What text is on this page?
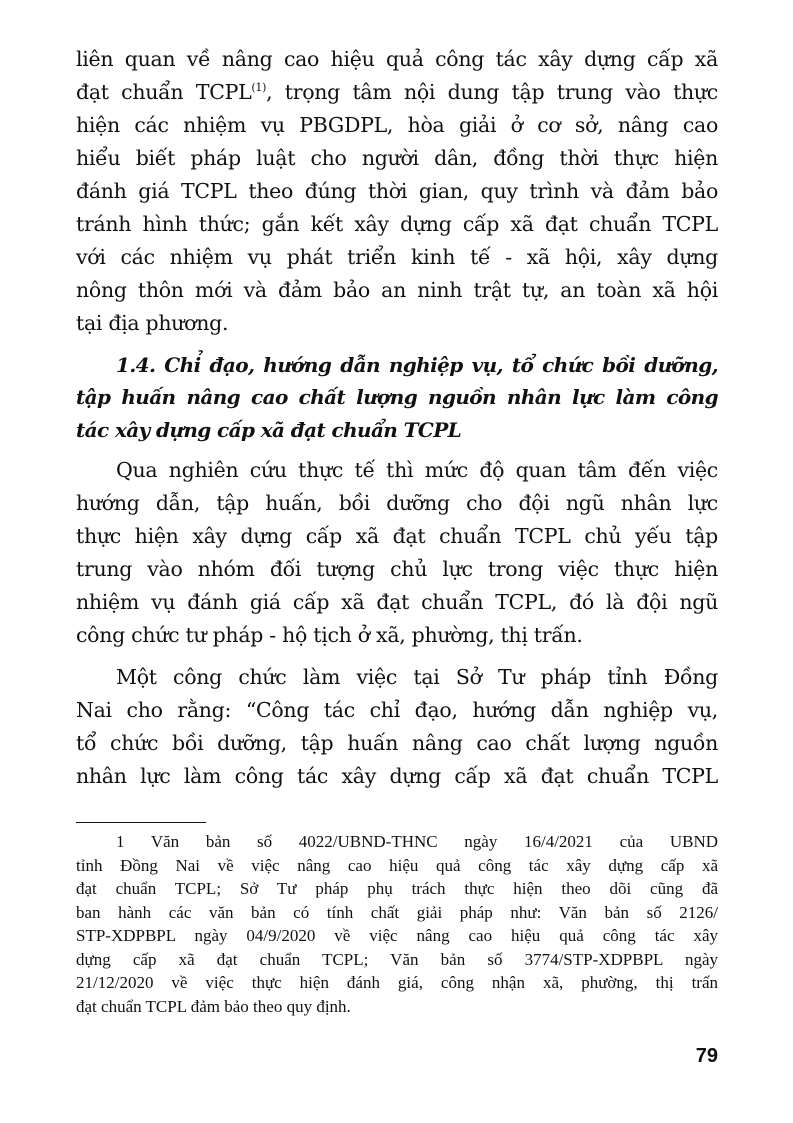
liên quan về nâng cao hiệu quả công tác xây dựng cấp xã
đạt chuẩn TCPL$^{(1)}$, trọng tâm nội dung tập trung vào thực
hiện các nhiệm vụ PBGDPL, hòa giải ở cơ sở, nâng cao
hiểu biết pháp luật cho người dân, đồng thời thực hiện
đánh giá TCPL theo đúng thời gian, quy trình và đảm bảo
tránh hình thức; gắn kết xây dựng cấp xã đạt chuẩn TCPL
với các nhiệm vụ phát triển kinh tế - xã hội, xây dựng
nông thôn mới và đảm bảo an ninh trật tự, an toàn xã hội
tại địa phương.
1.4. Chỉ đạo, hướng dẫn nghiệp vụ, tổ chức bồi dưỡng,
tập huấn nâng cao chất lượng nguồn nhân lực làm công
tác xây dựng cấp xã đạt chuẩn TCPL
Qua nghiên cứu thực tế thì mức độ quan tâm đến việc
hướng dẫn, tập huấn, bồi dưỡng cho đội ngũ nhân lực
thực hiện xây dựng cấp xã đạt chuẩn TCPL chủ yếu tập
trung vào nhóm đối tượng chủ lực trong việc thực hiện
nhiệm vụ đánh giá cấp xã đạt chuẩn TCPL, đó là đội ngũ
công chức tư pháp - hộ tịch ở xã, phường, thị trấn.
Một công chức làm việc tại Sở Tư pháp tỉnh Đồng
Nai cho rằng: “Công tác chỉ đạo, hướng dẫn nghiệp vụ,
tổ chức bồi dưỡng, tập huấn nâng cao chất lượng nguồn
nhân lực làm công tác xây dựng cấp xã đạt chuẩn TCPL
1 Văn bản số 4022/UBND-THNC ngày 16/4/2021 của UBND
tỉnh Đồng Nai về việc nâng cao hiệu quả công tác xây dựng cấp xã
đạt chuẩn TCPL; Sở Tư pháp phụ trách thực hiện theo dõi cũng đã
ban hành các văn bản có tính chất giải pháp như: Văn bản số 2126/
STP-XDPBPL ngày 04/9/2020 về việc nâng cao hiệu quả công tác xây
dựng cấp xã đạt chuẩn TCPL; Văn bản số 3774/STP-XDPBPL ngày
21/12/2020 về việc thực hiện đánh giá, công nhận xã, phường, thị trấn
đạt chuẩn TCPL đảm bảo theo quy định.
79
